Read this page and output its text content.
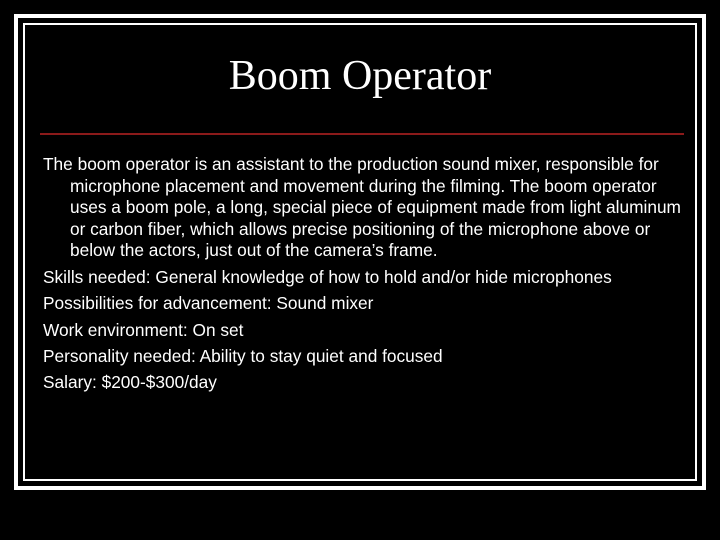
Boom Operator
The boom operator is an assistant to the production sound mixer, responsible for microphone placement and movement during the filming. The boom operator uses a boom pole, a long, special piece of equipment made from light aluminum or carbon fiber, which allows precise positioning of the microphone above or below the actors, just out of the camera’s frame.
Skills needed: General knowledge of how to hold and/or hide microphones
Possibilities for advancement: Sound mixer
Work environment: On set
Personality needed: Ability to stay quiet and focused
Salary: $200-$300/day
